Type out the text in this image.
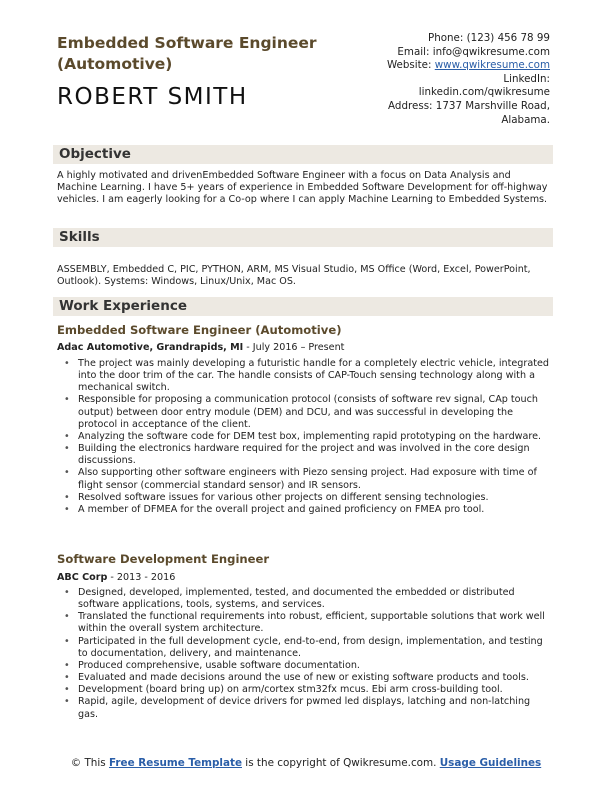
Embedded Software Engineer (Automotive)
ROBERT SMITH
Phone: (123) 456 78 99
Email: info@qwikresume.com
Website: www.qwikresume.com
LinkedIn:
linkedin.com/qwikresume
Address: 1737 Marshville Road, Alabama.
Objective
A highly motivated and drivenEmbedded Software Engineer with a focus on Data Analysis and Machine Learning. I have 5+ years of experience in Embedded Software Development for off-highway vehicles. I am eagerly looking for a Co-op where I can apply Machine Learning to Embedded Systems.
Skills
ASSEMBLY, Embedded C, PIC, PYTHON, ARM, MS Visual Studio, MS Office (Word, Excel, PowerPoint, Outlook). Systems: Windows, Linux/Unix, Mac OS.
Work Experience
Embedded Software Engineer (Automotive)
Adac Automotive, Grandrapids, MI - July 2016 – Present
• The project was mainly developing a futuristic handle for a completely electric vehicle, integrated into the door trim of the car. The handle consists of CAP-Touch sensing technology along with a mechanical switch.
• Responsible for proposing a communication protocol (consists of software rev signal, CAp touch output) between door entry module (DEM) and DCU, and was successful in developing the protocol in acceptance of the client.
• Analyzing the software code for DEM test box, implementing rapid prototyping on the hardware.
• Building the electronics hardware required for the project and was involved in the core design discussions.
• Also supporting other software engineers with Piezo sensing project. Had exposure with time of flight sensor (commercial standard sensor) and IR sensors.
• Resolved software issues for various other projects on different sensing technologies.
• A member of DFMEA for the overall project and gained proficiency on FMEA pro tool.
Software Development Engineer
ABC Corp - 2013 - 2016
• Designed, developed, implemented, tested, and documented the embedded or distributed software applications, tools, systems, and services.
• Translated the functional requirements into robust, efficient, supportable solutions that work well within the overall system architecture.
• Participated in the full development cycle, end-to-end, from design, implementation, and testing to documentation, delivery, and maintenance.
• Produced comprehensive, usable software documentation.
• Evaluated and made decisions around the use of new or existing software products and tools.
• Development (board bring up) on arm/cortex stm32fx mcus. Ebi arm cross-building tool.
• Rapid, agile, development of device drivers for pwmed led displays, latching and non-latching gas.
© This Free Resume Template is the copyright of Qwikresume.com. Usage Guidelines
